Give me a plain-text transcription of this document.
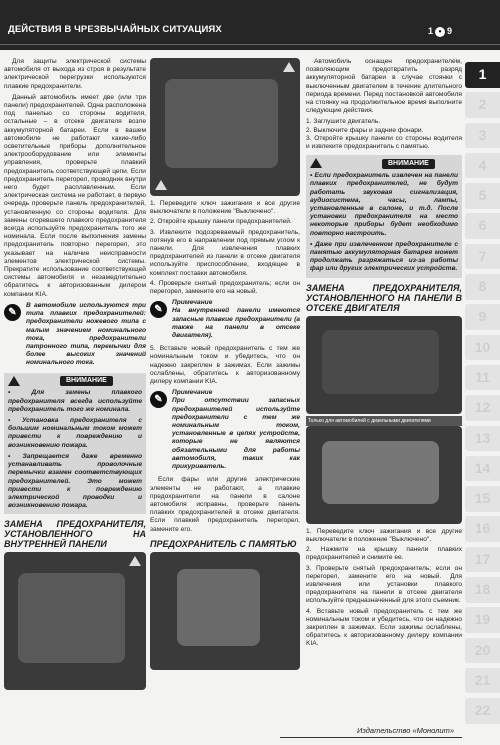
ДЕЙСТВИЯ В ЧРЕЗВЫЧАЙНЫХ СИТУАЦИЯХ	1 • 9
1
2
3
4
5
6
7
8
9
10
11
12
13
14
15
16
17
18
19
20
21
22

Для защиты электрической системы автомобиля от выхода из строя в результате электрической перегрузки используются плавкие предохранители.

Данный автомобиль имеет две (или три панели) предохранителей. Одна расположена под панелью со стороны водителя, остальные – в отсеке двигателя возле аккумуляторной батареи. Если в вашем автомобиле не работают какие-либо осветительные приборы дополнительное электрооборудование или элементы управления, проверьте плавкий предохранитель соответствующей цепи. Если предохранитель перегорел, проводник внутри него будет расплавленным. Если электрическая система не работает, в первую очередь проверьте панель предохранителей, установленную со стороны водителя. Для замены сгоревшего плавкого предохранителя всегда используйте предохранитель того же номинала. Если после выполнения замены предохранитель повторно перегорел, это указывает на наличие неисправности элементов электрической системы. Прекратите использование соответствующей системы автомобиля и незамедлительно обратитесь к авторизованным дилером компании KIA.

✎
В автомобиле используются три типа плавких предохранителей: предохранители ножевого типа с малым значением номинального тока, предохранители патронного типа, перемычки для более высоких значений номинального тока.
ВНИМАНИЕ
• Для замены плавкого предохранителя всегда используйте предохранитель того же номинала.
• Установка предохранителя с большим номинальным током может привести к повреждению и возникновению пожара.
• Запрещается даже временно устанавливать проволочные перемычки взамен соответствующих предохранителей. Это может привести к повреждению электрической проводки и возникновению пожара.
ЗАМЕНА ПРЕДОХРАНИТЕЛЯ, УСТАНОВЛЕННОГО НА ВНУТРЕННЕЙ ПАНЕЛИ
1. Переведите ключ зажигания и все другие выключатели в положение "Выключено".
2. Откройте крышку панели предохранителей.
3. Извлеките подозреваемый предохранитель, потянув его в направлении под прямым углом к панели. Для извлечения плавких предохранителей из панели в отсеке двигателя используйте приспособление, входящее в комплект поставки автомобиля.
4. Проверьте снятый предохранитель; если он перегорел, замените его на новый.
✎
Примечание
На внутренней панели имеются запасные плавкие предохранители (а также на панели в отсеке двигателя).

5. Вставьте новый предохранитель с тем же номинальным током и убедитесь, что он надежно закреплен в зажимах. Если зажимы ослаблены, обратитесь к авторизованному дилеру компании KIA.

✎
Примечание
При отсутствии запасных предохранителей используйте предохранители с тем же номинальным током, установленные в цепях устройств, которые не являются обязательными для работы автомобиля, таких как прикуриватель.

Если фары или другие электрические элементы не работают, а плавкие предохранители на панели в салоне автомобиля исправны, проверьте панель плавких предохранителей в отсеке двигателя. Если плавкий предохранитель перегорел, замените его.

ПРЕДОХРАНИТЕЛЬ С ПАМЯТЬЮ

Автомобиль оснащен предохранителем, позволяющим предотвратить разряд аккумуляторной батареи в случае стоянки с выключенным двигателем в течение длительного периода времени. Перед постановкой автомобиля на стоянку на продолжительное время выполните следующие действия.

1. Заглушите двигатель.
2. Выключите фары и задние фонари.
3. Откройте крышку панели со стороны водителя и извлеките предохранитель с памятью.
ВНИМАНИЕ
• Если предохранитель извлечен на панели плавких предохранителей, не будут работать звуковая сигнализация, аудиосистема, часы, лампы, установленные в салоне, и т.д. После установки предохранителя на место некоторые приборы будет необходимо повторно настроить.
• Даже при извлеченном предохранителе с памятью аккумуляторная батарея может продолжать разряжаться из-за работы фар или других электрических устройств.
ЗАМЕНА ПРЕДОХРАНИТЕЛЯ, УСТАНОВЛЕННОГО НА ПАНЕЛИ В ОТСЕКЕ ДВИГАТЕЛЯ
Только для автомобилей с дизельными двигателями
1. Переведите ключ зажигания и все другие выключатели в положение "Выключено".
2. Нажмите на крышку панели плавких предохранителей и снимите ее.
3. Проверьте снятый предохранитель; если он перегорел, замените его на новый. Для извлечения или установки плавкого предохранителя на панели в отсеке двигателя используйте предназначенный для этого съемник.
4. Вставьте новый предохранитель с тем же номинальным током и убедитесь, что он надежно закреплен в зажимах. Если зажимы ослаблены, обратитесь к авторизованному дилеру компании KIA.
Издательство «Монолит»
